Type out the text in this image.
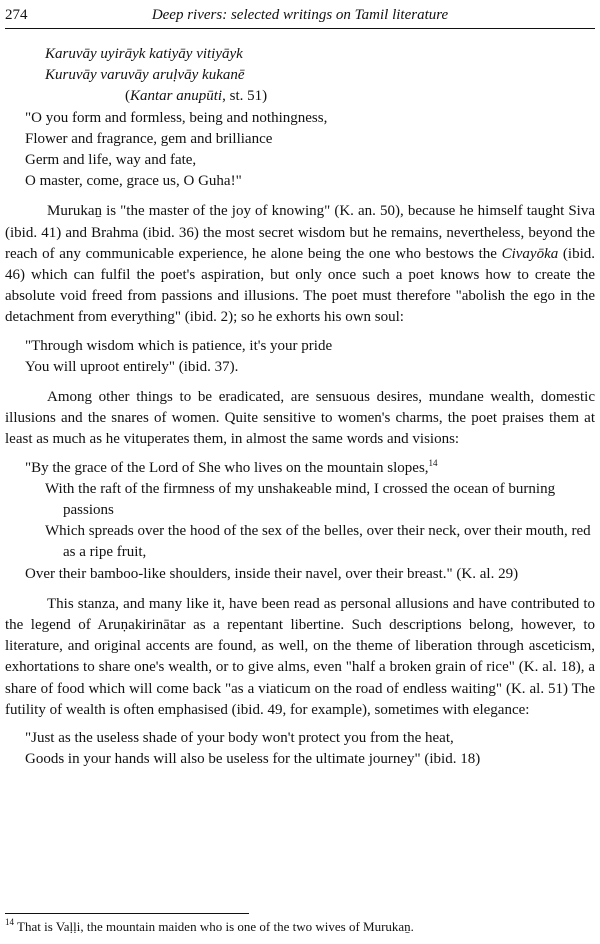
274	Deep rivers: selected writings on Tamil literature
Karuvāy uyirāyk katiyāy vitiyāyk
Kuruvāy varuvāy aruḷvāy kukanē
(Kantar anupūti, st. 51)
"O you form and formless, being and nothingness,
Flower and fragrance, gem and brilliance
Germ and life, way and fate,
O master, come, grace us, O Guha!"

Murukaṉ is "the master of the joy of knowing" (K. an. 50), because he himself taught Siva (ibid. 41) and Brahma (ibid. 36) the most secret wisdom but he remains, nevertheless, beyond the reach of any communicable experience, he alone being the one who bestows the Civayōka (ibid. 46) which can fulfil the poet's aspiration, but only once such a poet knows how to create the absolute void freed from passions and illusions. The poet must therefore "abolish the ego in the detachment from everything" (ibid. 2); so he exhorts his own soul:

"Through wisdom which is patience, it's your pride
You will uproot entirely" (ibid. 37).

Among other things to be eradicated, are sensuous desires, mundane wealth, domestic illusions and the snares of women. Quite sensitive to women's charms, the poet praises them at least as much as he vituperates them, in almost the same words and visions:

"By the grace of the Lord of She who lives on the mountain slopes,$^{14}$
With the raft of the firmness of my unshakeable mind, I crossed the ocean of burning passions
Which spreads over the hood of the sex of the belles, over their neck, over their mouth, red as a ripe fruit,
Over their bamboo-like shoulders, inside their navel, over their breast." (K. al. 29)

This stanza, and many like it, have been read as personal allusions and have contributed to the legend of Aruṇakirinātar as a repentant libertine. Such descriptions belong, however, to literature, and original accents are found, as well, on the theme of liberation through asceticism, exhortations to share one's wealth, or to give alms, even "half a broken grain of rice" (K. al. 18), a share of food which will come back "as a viaticum on the road of endless waiting" (K. al. 51) The futility of wealth is often emphasised (ibid. 49, for example), sometimes with elegance:

"Just as the useless shade of your body won't protect you from the heat,
Goods in your hands will also be useless for the ultimate journey" (ibid. 18)
$^{14}$ That is Vaḷḷi, the mountain maiden who is one of the two wives of Murukaṉ.
